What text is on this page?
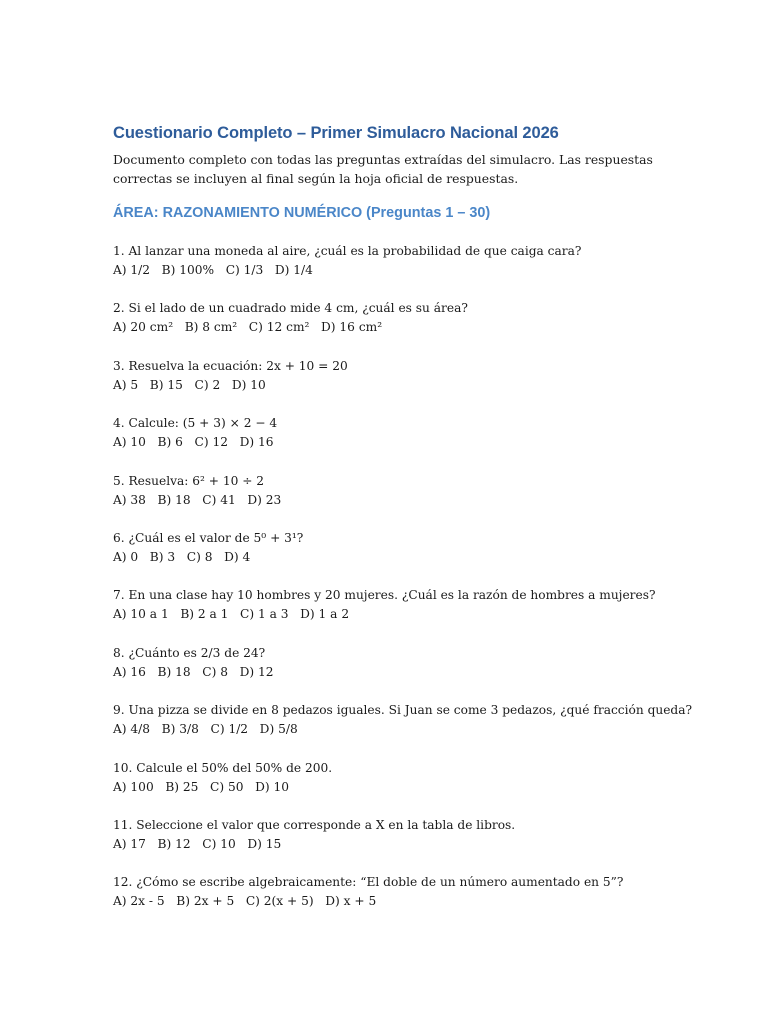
Cuestionario Completo – Primer Simulacro Nacional 2026

Documento completo con todas las preguntas extraídas del simulacro. Las respuestas correctas se incluyen al final según la hoja oficial de respuestas.

ÁREA: RAZONAMIENTO NUMÉRICO (Preguntas 1 – 30)
1. Al lanzar una moneda al aire, ¿cuál es la probabilidad de que caiga cara?
A) 1/2   B) 100%   C) 1/3   D) 1/4
2. Si el lado de un cuadrado mide 4 cm, ¿cuál es su área?
A) 20 cm²   B) 8 cm²   C) 12 cm²   D) 16 cm²
3. Resuelva la ecuación: 2x + 10 = 20
A) 5   B) 15   C) 2   D) 10
4. Calcule: (5 + 3) × 2 − 4
A) 10   B) 6   C) 12   D) 16
5. Resuelva: 6² + 10 ÷ 2
A) 38   B) 18   C) 41   D) 23
6. ¿Cuál es el valor de 5⁰ + 3¹?
A) 0   B) 3   C) 8   D) 4
7. En una clase hay 10 hombres y 20 mujeres. ¿Cuál es la razón de hombres a mujeres?
A) 10 a 1   B) 2 a 1   C) 1 a 3   D) 1 a 2
8. ¿Cuánto es 2/3 de 24?
A) 16   B) 18   C) 8   D) 12
9. Una pizza se divide en 8 pedazos iguales. Si Juan se come 3 pedazos, ¿qué fracción queda?
A) 4/8   B) 3/8   C) 1/2   D) 5/8
10. Calcule el 50% del 50% de 200.
A) 100   B) 25   C) 50   D) 10
11. Seleccione el valor que corresponde a X en la tabla de libros.
A) 17   B) 12   C) 10   D) 15
12. ¿Cómo se escribe algebraicamente: “El doble de un número aumentado en 5”?
A) 2x - 5   B) 2x + 5   C) 2(x + 5)   D) x + 5
